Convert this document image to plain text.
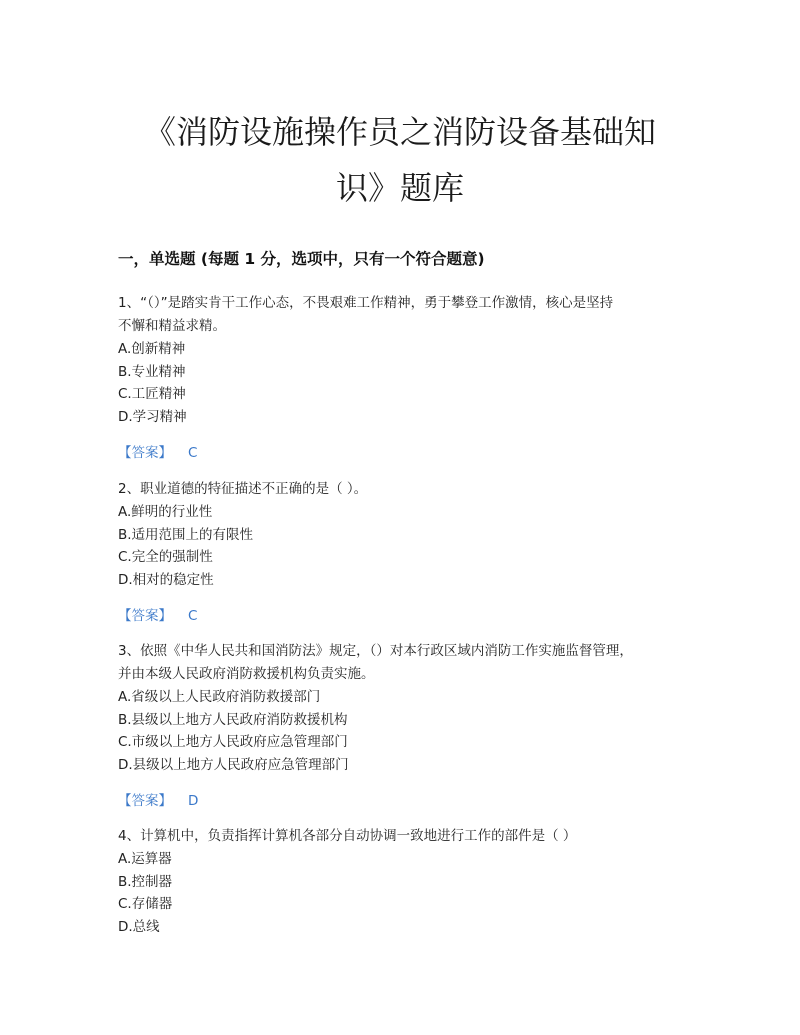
《消防设施操作员之消防设备基础知
识》题库
一，单选题 (每题 1 分，选项中，只有一个符合题意)
1、“（）”是踏实肯干工作心态，不畏艰难工作精神，勇于攀登工作激情，核心是坚持
不懈和精益求精。
A.创新精神
B.专业精神
C.工匠精神
D.学习精神
【答案】 C
2、职业道德的特征描述不正确的是（ ）。
A.鲜明的行业性
B.适用范围上的有限性
C.完全的强制性
D.相对的稳定性
【答案】 C
3、依照《中华人民共和国消防法》规定，（）对本行政区域内消防工作实施监督管理，
并由本级人民政府消防救援机构负责实施。
A.省级以上人民政府消防救援部门
B.县级以上地方人民政府消防救援机构
C.市级以上地方人民政府应急管理部门
D.县级以上地方人民政府应急管理部门
【答案】 D
4、计算机中，负责指挥计算机各部分自动协调一致地进行工作的部件是（ ）
A.运算器
B.控制器
C.存储器
D.总线
